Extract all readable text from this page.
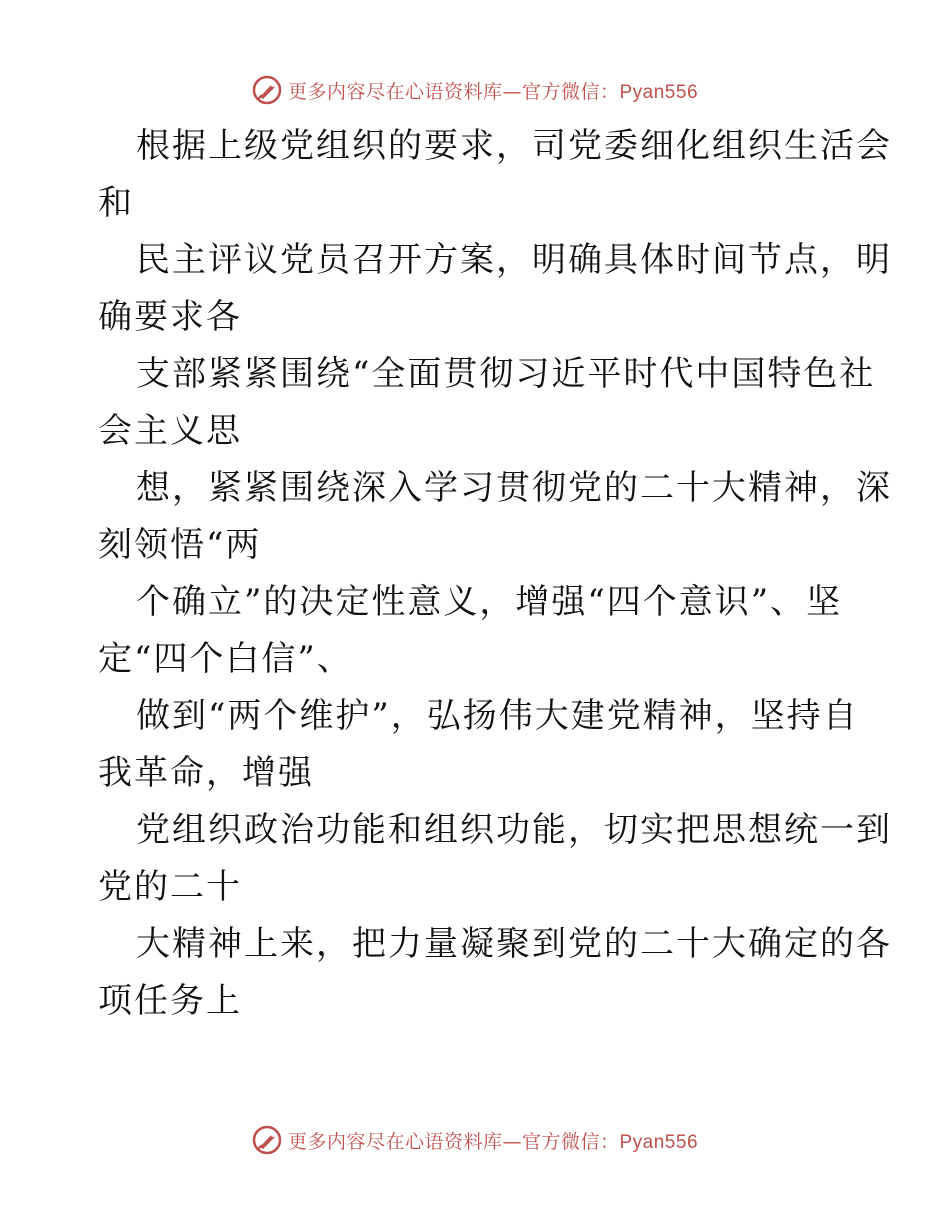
更多内容尽在心语资料库—官方微信：Pyan556
根据上级党组织的要求，司党委细化组织生活会
和
民主评议党员召开方案，明确具体时间节点，明
确要求各
支部紧紧围绕“全面贯彻习近平时代中国特色社
会主义思
想，紧紧围绕深入学习贯彻党的二十大精神，深
刻领悟“两
个确立”的决定性意义，增强“四个意识”、坚
定“四个白信”、
做到“两个维护”，弘扬伟大建党精神，坚持自
我革命，增强
党组织政治功能和组织功能，切实把思想统一到
党的二十
大精神上来，把力量凝聚到党的二十大确定的各
项任务上
更多内容尽在心语资料库—官方微信：Pyan556
